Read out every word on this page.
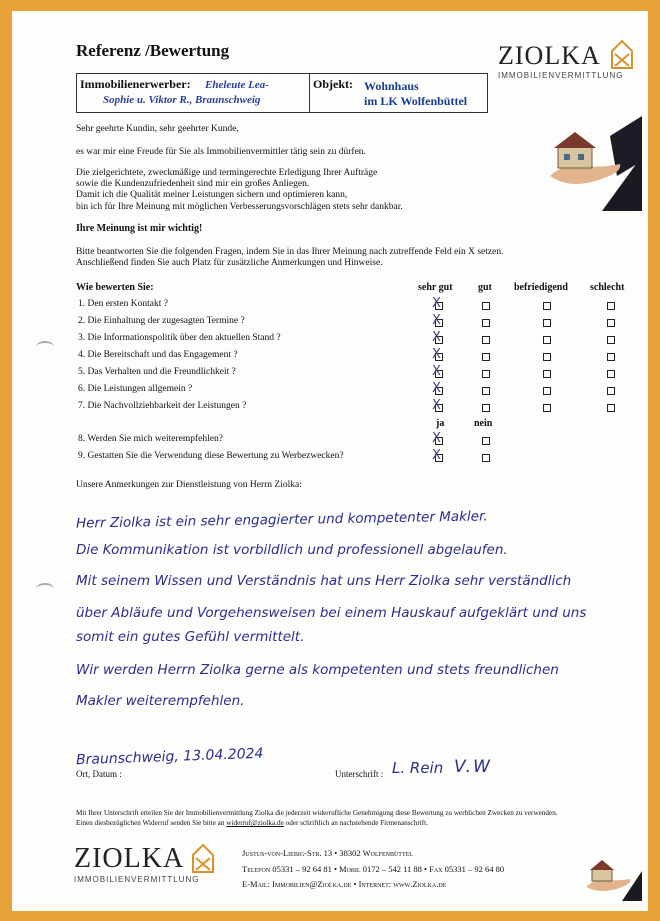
Referenz /Bewertung	ZIOLKA
IMMOBILIENVERMITTLUNG
Immobilienerwerber: Eheleute Lea-
Sophie u. Viktor R., Braunschweig
Objekt: Wohnhaus
im LK Wolfenbüttel
Sehr geehrte Kundin, sehr geehrter Kunde,
es war mir eine Freude für Sie als Immobilienvermittler tätig sein zu dürfen.
Die zielgerichtete, zweckmäßige und termingerechte Erledigung Ihrer Aufträge
sowie die Kundenzufriedenheit sind mir ein großes Anliegen.
Damit ich die Qualität meiner Leistungen sichern und optimieren kann,
bin ich für Ihre Meinung mit möglichen Verbesserungsvorschlägen stets sehr dankbar.
Ihre Meinung ist mir wichtig!
Bitte beantworten Sie die folgenden Fragen, indem Sie in das Ihrer Meinung nach zutreffende Feld ein X setzen.
Anschließend finden Sie auch Platz für zusätzliche Anmerkungen und Hinweise.
Wie bewerten Sie:	sehr gut	gut befriedigend schlecht
1. Den ersten Kontakt ?	X
2. Die Einhaltung der zugesagten Termine ?	X
3. Die Informationspolitik über den aktuellen Stand ?	X
4. Die Bereitschaft und das Engagement ?	X
5. Das Verhalten und die Freundlichkeit ?	X
6. Die Leistungen allgemein ?	X
7. Die Nachvollziehbarkeit der Leistungen ?	X
ja	nein
8. Werden Sie mich weiterempfehlen?	X
9. Gestatten Sie die Verwendung diese Bewertung zu Werbezwecken?	X
Unsere Anmerkungen zur Dienstleistung von Herrn Ziolka:
Herr Ziolka ist ein sehr engagierter und kompetenter Makler.
Die Kommunikation ist vorbildlich und professionell abgelaufen.
Mit seinem Wissen und Verständnis hat uns Herr Ziolka sehr verständlich
über Abläufe und Vorgehensweisen bei einem Hauskauf aufgeklärt und uns
somit ein gutes Gefühl vermittelt.
Wir werden Herrn Ziolka gerne als kompetenten und stets freundlichen
Makler weiterempfehlen.
Braunschweig, 13.04.2024
Ort, Datum :	Unterschrift : L. Rein V.W
Mit Ihrer Unterschrift erteilen Sie der Immobilienvermittlung Ziolka die jederzeit widerrufliche Genehmigung diese Bewertung zu werblichen Zwecken zu verwenden.
Einen diesbezüglichen Widerruf senden Sie bitte an widerruf@ziolka.de oder schriftlich an nachstehende Firmenanschrift.
ZIOLKA
IMMOBILIENVERMITTLUNG
Justus-von-Liebig-Str. 13 • 38302 Wolfenbüttel
Telefon 05331 – 92 64 81 • Mobil 0172 – 542 11 88 • Fax 05331 – 92 64 80
E-Mail: Immobilien@Ziolka.de • Internet: www.Ziolka.de
